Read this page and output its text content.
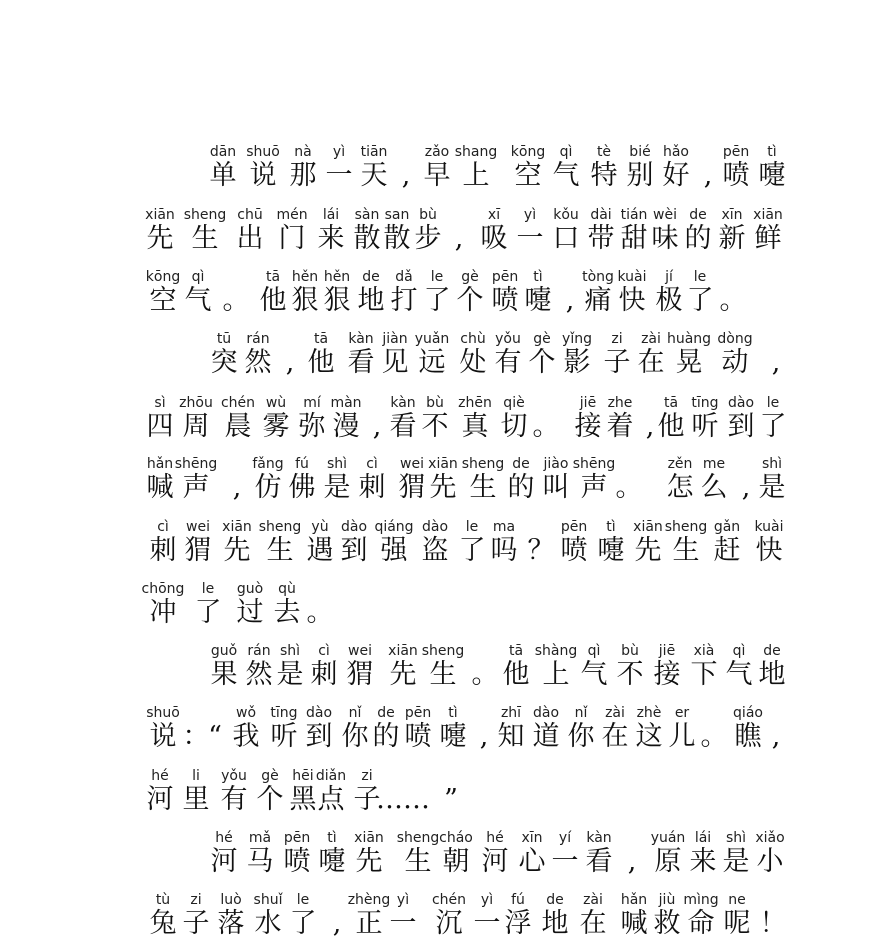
dān
单
shuō
说
nà
那
yì
一
tiān
天 ,
zǎo
早
shang
上
kōng
空
qì
气
tè
特
bié
别
hǎo
好 ,
pēn
喷
tì
嚏
xiān
先
sheng
生
chū
出
mén
门
lái
来
sàn
散
san
散
bù
步 ,
xī
吸
yì
一
kǒu
口
dài
带
tián
甜
wèi
味
de
的
xīn
新
xiān
鲜
kōng
空
qì
气 。
tā
他
hěn
狠
hěn
狠
de
地
dǎ
打
le
了
gè
个
pēn
喷
tì
嚏 ,
tòng
痛
kuài
快
jí
极
le
了 。
tū
突
rán
然 ,
tā
他
kàn
看
jiàn
见
yuǎn
远
chù
处
yǒu
有
gè
个
yǐng
影
zi
子
zài
在
huàng
晃
dòng
动 ,
sì
四
zhōu
周
chén
晨
wù
雾
mí
弥
màn
漫 ,
kàn
看
bù
不
zhēn
真
qiè
切 。
jiē
接
zhe
着 ,
tā
他
tīng
听
dào
到
le
了
hǎn
喊
shēng
声 ,
fǎng
仿
fú
佛
shì
是
cì
刺
wei
猬
xiān
先
sheng
生
de
的
jiào
叫
shēng
声 。
zěn
怎
me
么 ,
shì
是
cì
刺
wei
猬
xiān
先
sheng
生
yù
遇
dào
到
qiáng
强
dào
盗
le
了
ma
吗 ？
pēn
喷
tì
嚏
xiān
先
sheng
生
gǎn
赶
kuài
快
chōng
冲
le
了
guò
过
qù
去 。
guǒ
果
rán
然
shì
是
cì
刺
wei
猬
xiān
先
sheng
生 。
tā
他
shàng
上
qì
气
bù
不
jiē
接
xià
下
qì
气
de
地
shuō
说 ：
“
wǒ
我
tīng
听
dào
到
nǐ
你
de
的
pēn
喷
tì
嚏 ,
zhī
知
dào
道
nǐ
你
zài
在
zhè
这
er
儿 。
qiáo
瞧 ,
hé
河
li
里
yǒu
有
gè
个
hēi
黑
diǎn
点
zi
子
…… ”
hé
河
mǎ
马
pēn
喷
tì
嚏
xiān
先
sheng
生
cháo
朝
hé
河
xīn
心
yí
一
kàn
看 ,
yuán
原
lái
来
shì
是
xiǎo
小
tù
兔
zi
子
luò
落
shuǐ
水
le
了 ,
zhèng
正
yì
一
chén
沉
yì
一
fú
浮
de
地
zài
在
hǎn
喊
jiù
救
mìng
命
ne
呢 ！
